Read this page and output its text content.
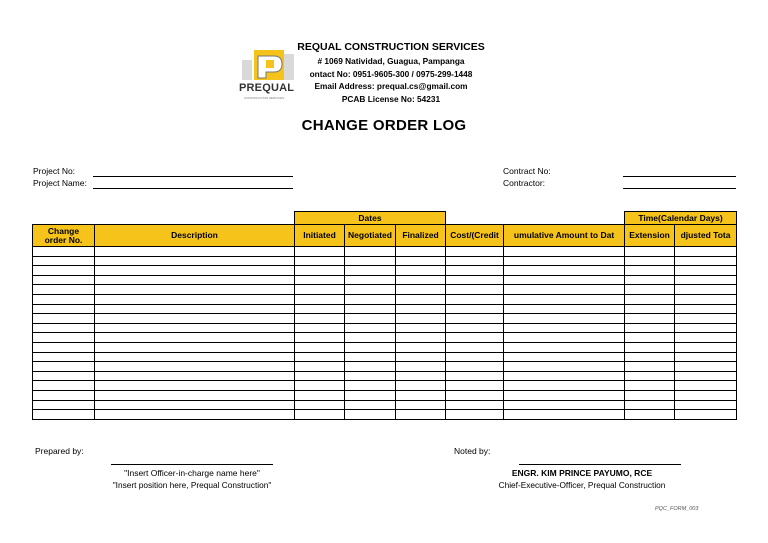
PREQUAL
CONSTRUCTION SERVICES
REQUAL CONSTRUCTION SERVICES
# 1069 Natividad, Guagua, Pampanga
ontact No: 0951-9605-300 / 0975-299-1448
Email Address: prequal.cs@gmail.com
PCAB License No: 54231
CHANGE ORDER LOG
Project No:
Project Name:
Contract No:
Contractor:
		Dates					Time(Calendar Days)	
Change
order No.	Description	Initiated	Negotiated	Finalized	Cost/(Credit	umulative Amount to Dat	Extension	djusted Tota

Prepared by:
"Insert Officer-in-charge name here"
"Insert position here, Prequal Construction"
Noted by:
ENGR. KIM PRINCE PAYUMO, RCE
Chief-Executive-Officer, Prequal Construction
PQC_FORM_003
